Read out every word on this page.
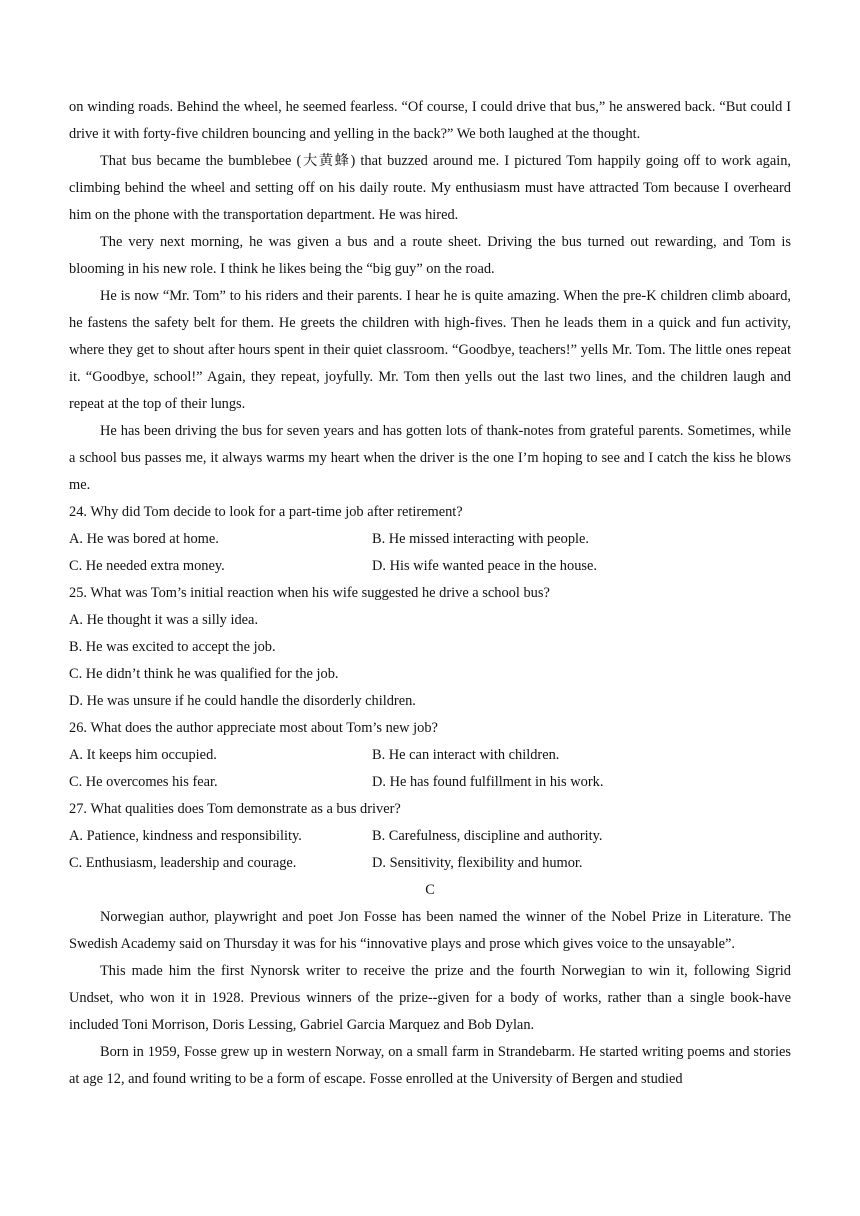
on winding roads. Behind the wheel, he seemed fearless. “Of course, I could drive that bus,” he answered back. “But could I drive it with forty-five children bouncing and yelling in the back?” We both laughed at the thought.

That bus became the bumblebee (大黄蜂) that buzzed around me. I pictured Tom happily going off to work again, climbing behind the wheel and setting off on his daily route. My enthusiasm must have attracted Tom because I overheard him on the phone with the transportation department. He was hired.

The very next morning, he was given a bus and a route sheet. Driving the bus turned out rewarding, and Tom is blooming in his new role. I think he likes being the “big guy” on the road.

He is now “Mr. Tom” to his riders and their parents. I hear he is quite amazing. When the pre-K children climb aboard, he fastens the safety belt for them. He greets the children with high-fives. Then he leads them in a quick and fun activity, where they get to shout after hours spent in their quiet classroom. “Goodbye, teachers!” yells Mr. Tom. The little ones repeat it. “Goodbye, school!” Again, they repeat, joyfully. Mr. Tom then yells out the last two lines, and the children laugh and repeat at the top of their lungs.

He has been driving the bus for seven years and has gotten lots of thank-notes from grateful parents. Sometimes, while a school bus passes me, it always warms my heart when the driver is the one I’m hoping to see and I catch the kiss he blows me.

24. Why did Tom decide to look for a part-time job after retirement?
A. He was bored at home.	B. He missed interacting with people.
C. He needed extra money.	D. His wife wanted peace in the house.
25. What was Tom’s initial reaction when his wife suggested he drive a school bus?
A. He thought it was a silly idea.
B. He was excited to accept the job.
C. He didn’t think he was qualified for the job.
D. He was unsure if he could handle the disorderly children.
26. What does the author appreciate most about Tom’s new job?
A. It keeps him occupied.	B. He can interact with children.
C. He overcomes his fear.	D. He has found fulfillment in his work.
27. What qualities does Tom demonstrate as a bus driver?
A. Patience, kindness and responsibility.	B. Carefulness, discipline and authority.
C. Enthusiasm, leadership and courage.	D. Sensitivity, flexibility and humor.
C

Norwegian author, playwright and poet Jon Fosse has been named the winner of the Nobel Prize in Literature. The Swedish Academy said on Thursday it was for his “innovative plays and prose which gives voice to the unsayable”.

This made him the first Nynorsk writer to receive the prize and the fourth Norwegian to win it, following Sigrid Undset, who won it in 1928. Previous winners of the prize--given for a body of works, rather than a single book-have included Toni Morrison, Doris Lessing, Gabriel Garcia Marquez and Bob Dylan.

Born in 1959, Fosse grew up in western Norway, on a small farm in Strandebarm. He started writing poems and stories at age 12, and found writing to be a form of escape. Fosse enrolled at the University of Bergen and studied
